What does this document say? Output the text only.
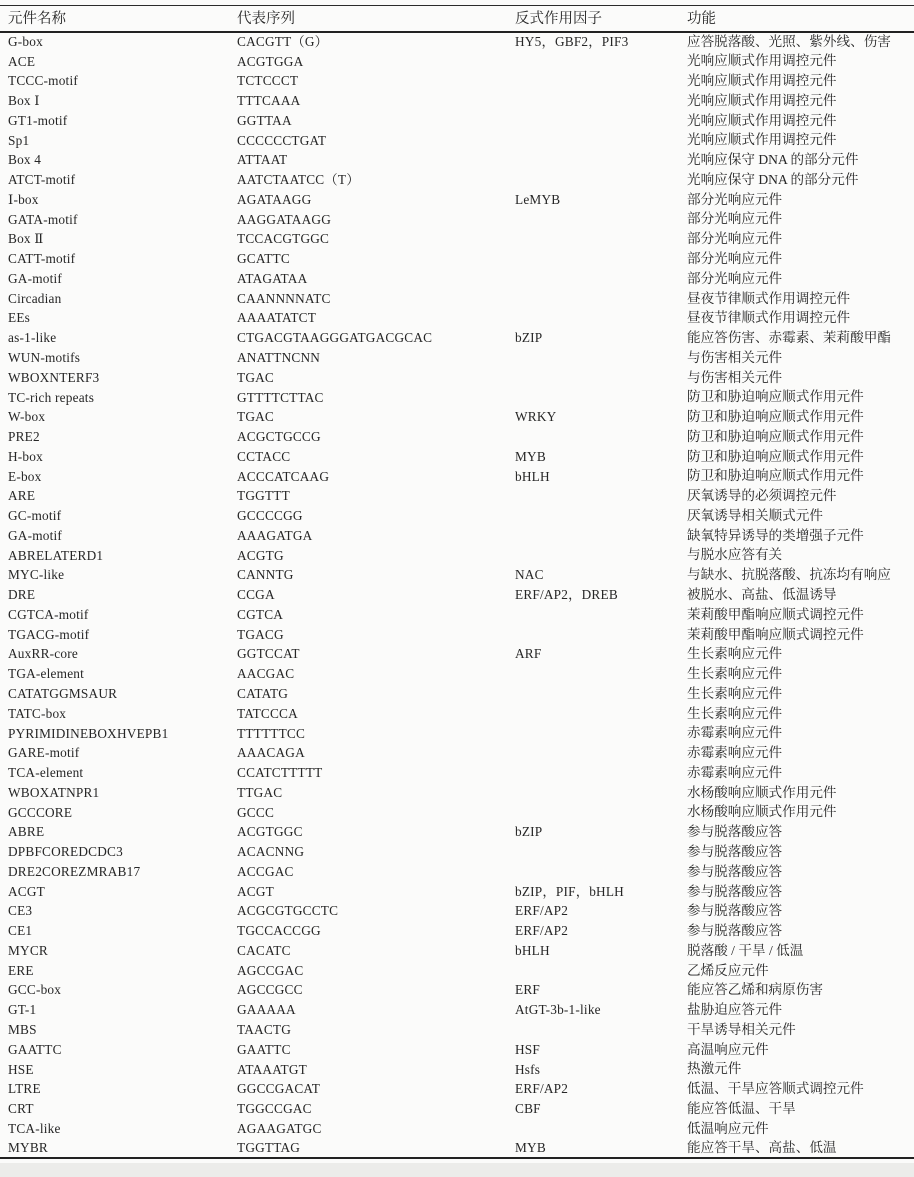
元件名称	代表序列	反式作用因子	功能
G-box	CACGTT（G）	HY5，GBF2，PIF3	应答脱落酸、光照、紫外线、伤害
ACE	ACGTGGA		光响应顺式作用调控元件
TCCC-motif	TCTCCCT		光响应顺式作用调控元件
Box Ⅰ	TTTCAAA		光响应顺式作用调控元件
GT1-motif	GGTTAA		光响应顺式作用调控元件
Sp1	CCCCCCTGAT		光响应顺式作用调控元件
Box 4	ATTAAT		光响应保守 DNA 的部分元件
ATCT-motif	AATCTAATCC（T）		光响应保守 DNA 的部分元件
Ⅰ-box	AGATAAGG	LeMYB	部分光响应元件
GATA-motif	AAGGATAAGG		部分光响应元件
Box Ⅱ	TCCACGTGGC		部分光响应元件
CATT-motif	GCATTC		部分光响应元件
GA-motif	ATAGATAA		部分光响应元件
Circadian	CAANNNNATC		昼夜节律顺式作用调控元件
EEs	AAAATATCT		昼夜节律顺式作用调控元件
as-1-like	CTGACGTAAGGGATGACGCAC	bZIP	能应答伤害、赤霉素、茉莉酸甲酯
WUN-motifs	ANATTNCNN		与伤害相关元件
WBOXNTERF3	TGAC		与伤害相关元件
TC-rich repeats	GTTTTCTTAC		防卫和胁迫响应顺式作用元件
W-box	TGAC	WRKY	防卫和胁迫响应顺式作用元件
PRE2	ACGCTGCCG		防卫和胁迫响应顺式作用元件
H-box	CCTACC	MYB	防卫和胁迫响应顺式作用元件
E-box	ACCCATCAAG	bHLH	防卫和胁迫响应顺式作用元件
ARE	TGGTTT		厌氧诱导的必须调控元件
GC-motif	GCCCCGG		厌氧诱导相关顺式元件
GA-motif	AAAGATGA		缺氧特异诱导的类增强子元件
ABRELATERD1	ACGTG		与脱水应答有关
MYC-like	CANNTG	NAC	与缺水、抗脱落酸、抗冻均有响应
DRE	CCGA	ERF/AP2，DREB	被脱水、高盐、低温诱导
CGTCA-motif	CGTCA		茉莉酸甲酯响应顺式调控元件
TGACG-motif	TGACG		茉莉酸甲酯响应顺式调控元件
AuxRR-core	GGTCCAT	ARF	生长素响应元件
TGA-element	AACGAC		生长素响应元件
CATATGGMSAUR	CATATG		生长素响应元件
TATC-box	TATCCCA		生长素响应元件
PYRIMIDINEBOXHVEPB1	TTTTTTCC		赤霉素响应元件
GARE-motif	AAACAGA		赤霉素响应元件
TCA-element	CCATCTTTTT		赤霉素响应元件
WBOXATNPR1	TTGAC		水杨酸响应顺式作用元件
GCCCORE	GCCC		水杨酸响应顺式作用元件
ABRE	ACGTGGC	bZIP	参与脱落酸应答
DPBFCOREDCDC3	ACACNNG		参与脱落酸应答
DRE2COREZMRAB17	ACCGAC		参与脱落酸应答
ACGT	ACGT	bZIP，PIF，bHLH	参与脱落酸应答
CE3	ACGCGTGCCTC	ERF/AP2	参与脱落酸应答
CE1	TGCCACCGG	ERF/AP2	参与脱落酸应答
MYCR	CACATC	bHLH	脱落酸 / 干旱 / 低温
ERE	AGCCGAC		乙烯反应元件
GCC-box	AGCCGCC	ERF	能应答乙烯和病原伤害
GT-1	GAAAAA	AtGT-3b-1-like	盐胁迫应答元件
MBS	TAACTG		干旱诱导相关元件
GAATTC	GAATTC	HSF	高温响应元件
HSE	ATAAATGT	Hsfs	热激元件
LTRE	GGCCGACAT	ERF/AP2	低温、干旱应答顺式调控元件
CRT	TGGCCGAC	CBF	能应答低温、干旱
TCA-like	AGAAGATGC		低温响应元件
MYBR	TGGTTAG	MYB	能应答干旱、高盐、低温
